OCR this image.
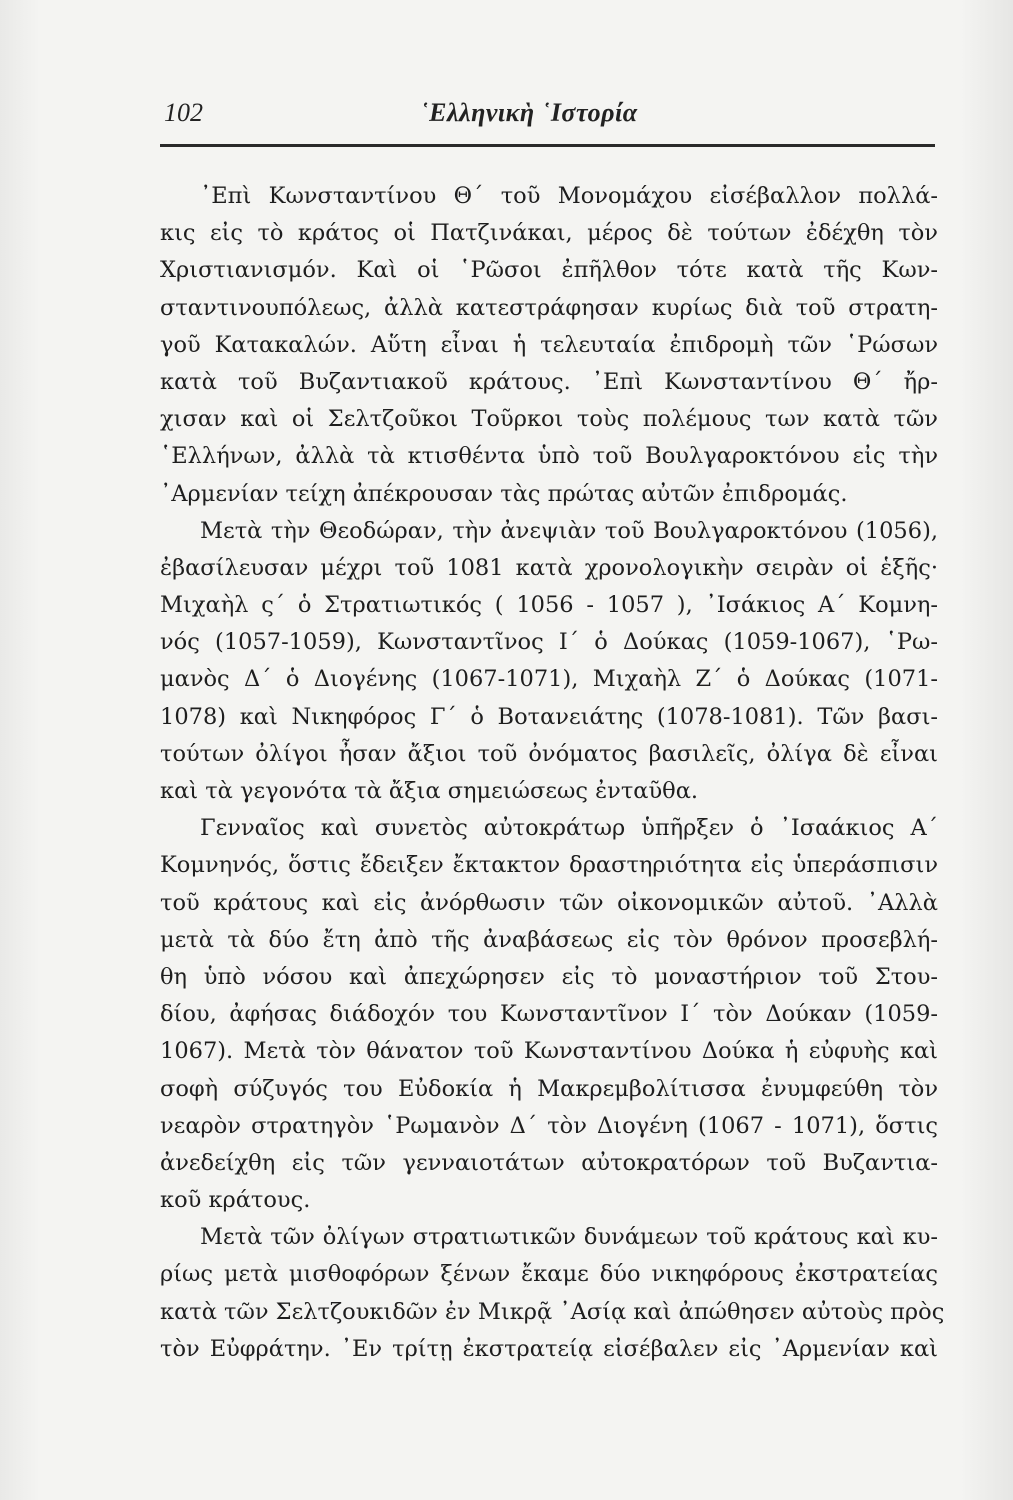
102	῾Ελληνικὴ ῾Ιστορία
᾿Επὶ Κωνσταντίνου Θ΄ τοῦ Μονομάχου εἰσέβαλλον πολλά-
κις εἰς τὸ κράτος οἱ Πατζινάκαι, μέρος δὲ τούτων ἐδέχθη τὸν
Χριστιανισμόν. Καὶ οἱ ῾Ρῶσοι ἐπῆλθον τότε κατὰ τῆς Κων-
σταντινουπόλεως, ἀλλὰ κατεστράφησαν κυρίως διὰ τοῦ στρατη-
γοῦ Κατακαλών. Αὕτη εἶναι ἡ τελευταία ἐπιδρομὴ τῶν ῾Ρώσων
κατὰ τοῦ Βυζαντιακοῦ κράτους. ᾿Επὶ Κωνσταντίνου Θ΄ ἤρ-
χισαν καὶ οἱ Σελτζοῦκοι Τοῦρκοι τοὺς πολέμους των κατὰ τῶν
῾Ελλήνων, ἀλλὰ τὰ κτισθέντα ὑπὸ τοῦ Βουλγαροκτόνου εἰς τὴν
᾿Αρμενίαν τείχη ἀπέκρουσαν τὰς πρώτας αὐτῶν ἐπιδρομάς.
Μετὰ τὴν Θεοδώραν, τὴν ἀνεψιὰν τοῦ Βουλγαροκτόνου (1056),
ἐβασίλευσαν μέχρι τοῦ 1081 κατὰ χρονολογικὴν σειρὰν οἱ ἑξῆς·
Μιχαὴλ ς΄ ὁ Στρατιωτικός ( 1056 - 1057 ), ᾿Ισάκιος Α΄ Κομνη-
νός (1057-1059), Κωνσταντῖνος Ι΄ ὁ Δούκας (1059-1067), ῾Ρω-
μανὸς Δ΄ ὁ Διογένης (1067-1071), Μιχαὴλ Ζ΄ ὁ Δούκας (1071-
1078) καὶ Νικηφόρος Γ΄ ὁ Βοτανειάτης (1078-1081). Τῶν βασι-
τούτων ὀλίγοι ἦσαν ἄξιοι τοῦ ὀνόματος βασιλεῖς, ὀλίγα δὲ εἶναι
καὶ τὰ γεγονότα τὰ ἄξια σημειώσεως ἐνταῦθα.
Γενναῖος καὶ συνετὸς αὐτοκράτωρ ὑπῆρξεν ὁ ᾿Ισαάκιος Α΄
Κομνηνός, ὅστις ἔδειξεν ἔκτακτον δραστηριότητα εἰς ὑπεράσπισιν
τοῦ κράτους καὶ εἰς ἀνόρθωσιν τῶν οἰκονομικῶν αὐτοῦ. ᾿Αλλὰ
μετὰ τὰ δύο ἔτη ἀπὸ τῆς ἀναβάσεως εἰς τὸν θρόνον προσεβλή-
θη ὑπὸ νόσου καὶ ἀπεχώρησεν εἰς τὸ μοναστήριον τοῦ Στου-
δίου, ἀφήσας διάδοχόν του Κωνσταντῖνον Ι΄ τὸν Δούκαν (1059-
1067). Μετὰ τὸν θάνατον τοῦ Κωνσταντίνου Δούκα ἡ εὐφυὴς καὶ
σοφὴ σύζυγός του Εὐδοκία ἡ Μακρεμβολίτισσα ἐνυμφεύθη τὸν
νεαρὸν στρατηγὸν ῾Ρωμανὸν Δ΄ τὸν Διογένη (1067 - 1071), ὅστις
ἀνεδείχθη εἰς τῶν γενναιοτάτων αὐτοκρατόρων τοῦ Βυζαντια-
κοῦ κράτους.
Μετὰ τῶν ὀλίγων στρατιωτικῶν δυνάμεων τοῦ κράτους καὶ κυ-
ρίως μετὰ μισθοφόρων ξένων ἔκαμε δύο νικηφόρους ἐκστρατείας
κατὰ τῶν Σελτζουκιδῶν ἐν Μικρᾷ ᾿Ασίᾳ καὶ ἀπώθησεν αὐτοὺς πρὸς
τὸν Εὐφράτην. ᾿Εν τρίτῃ ἐκστρατείᾳ εἰσέβαλεν εἰς ᾿Αρμενίαν καὶ
